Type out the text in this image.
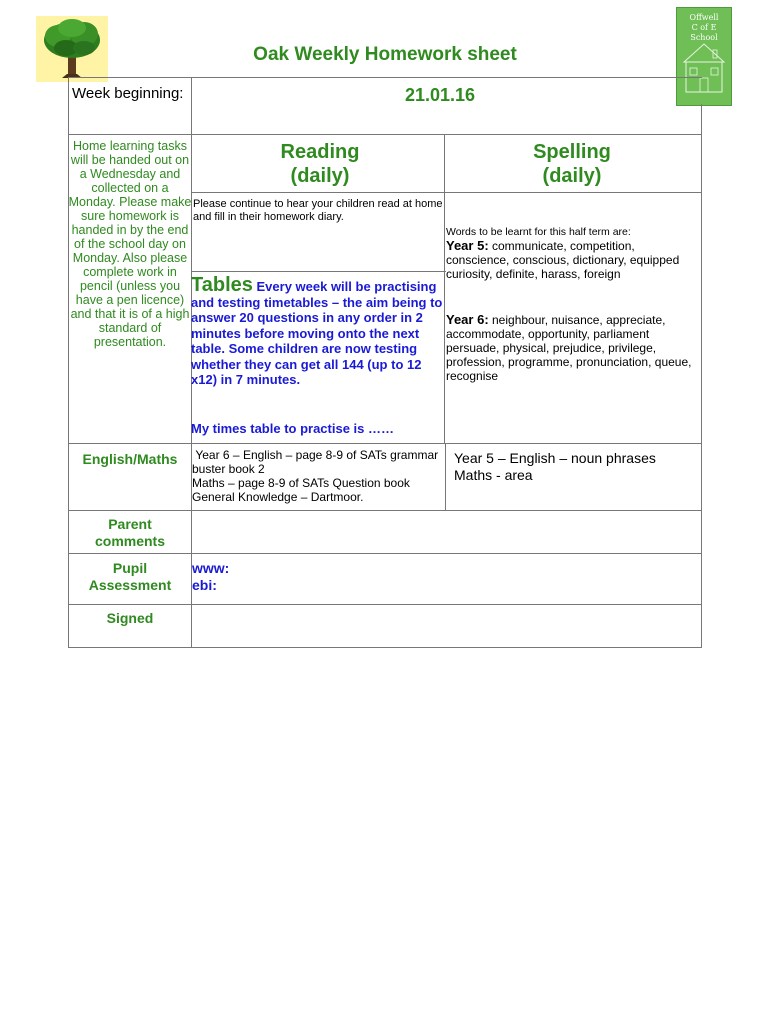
Offwell
C of E School
Oak Weekly Homework sheet
Week beginning:	21.01.16
Home learning tasks will be handed out on a Wednesday and collected on a Monday. Please make sure homework is handed in by the end of the school day on Monday. Also please complete work in pencil (unless you have a pen licence) and that it is of a high standard of presentation.
Reading
(daily)
Please continue to hear your children read at home and fill in their homework diary.
Spelling
(daily)
Words to be learnt for this half term are:
Year 5: communicate, competition, conscience, conscious, dictionary, equipped curiosity, definite, harass, foreign
Year 6: neighbour, nuisance, appreciate, accommodate, opportunity, parliament persuade, physical, prejudice, privilege, profession, programme, pronunciation, queue, recognise
Tables Every week will be practising and testing timetables – the aim being to answer 20 questions in any order in 2 minutes before moving onto the next table. Some children are now testing whether they can get all 144 (up to 12 x12) in 7 minutes.
My times table to practise is ……
English/Maths	Year 6 – English – page 8-9 of SATs grammar buster book 2
Maths – page 8-9 of SATs Question book
General Knowledge – Dartmoor.
Year 5 – English – noun phrases
Maths - area
Parent
comments
Pupil
Assessment
www:
ebi:
Signed
